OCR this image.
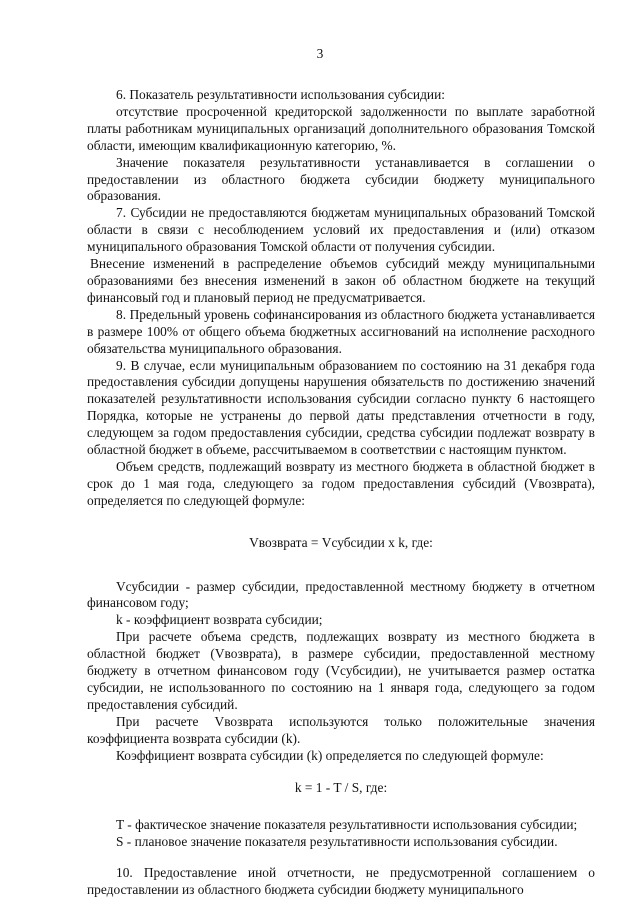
3

6. Показатель результативности использования субсидии:

отсутствие просроченной кредиторской задолженности по выплате заработной платы работникам муниципальных организаций дополнительного образования Томской области, имеющим квалификационную категорию, %.

Значение показателя результативности устанавливается в соглашении о предоставлении из областного бюджета субсидии бюджету муниципального образования.

7. Субсидии не предоставляются бюджетам муниципальных образований Томской области в связи с несоблюдением условий их предоставления и (или) отказом муниципального образования Томской области от получения субсидии.

Внесение изменений в распределение объемов субсидий между муниципальными образованиями без внесения изменений в закон об областном бюджете на текущий финансовый год и плановый период не предусматривается.

8. Предельный уровень софинансирования из областного бюджета устанавливается в размере 100% от общего объема бюджетных ассигнований на исполнение расходного обязательства муниципального образования.

9. В случае, если муниципальным образованием по состоянию на 31 декабря года предоставления субсидии допущены нарушения обязательств по достижению значений показателей результативности использования субсидии согласно пункту 6 настоящего Порядка, которые не устранены до первой даты представления отчетности в году, следующем за годом предоставления субсидии, средства субсидии подлежат возврату в областной бюджет в объеме, рассчитываемом в соответствии с настоящим пунктом.

Объем средств, подлежащий возврату из местного бюджета в областной бюджет в срок до 1 мая года, следующего за годом предоставления субсидий (Vвозврата), определяется по следующей формуле:

Vвозврата = Vсубсидии x k, где:

Vсубсидии - размер субсидии, предоставленной местному бюджету в отчетном финансовом году;

k - коэффициент возврата субсидии;

При расчете объема средств, подлежащих возврату из местного бюджета в областной бюджет (Vвозврата), в размере субсидии, предоставленной местному бюджету в отчетном финансовом году (Vсубсидии), не учитывается размер остатка субсидии, не использованного по состоянию на 1 января года, следующего за годом предоставления субсидий.

При расчете Vвозврата используются только положительные значения коэффициента возврата субсидии (k).

Коэффициент возврата субсидии (k) определяется по следующей формуле:

k = 1 - T / S, где:

T - фактическое значение показателя результативности использования субсидии;

S - плановое значение показателя результативности использования субсидии.

10. Предоставление иной отчетности, не предусмотренной соглашением о предоставлении из областного бюджета субсидии бюджету муниципального
